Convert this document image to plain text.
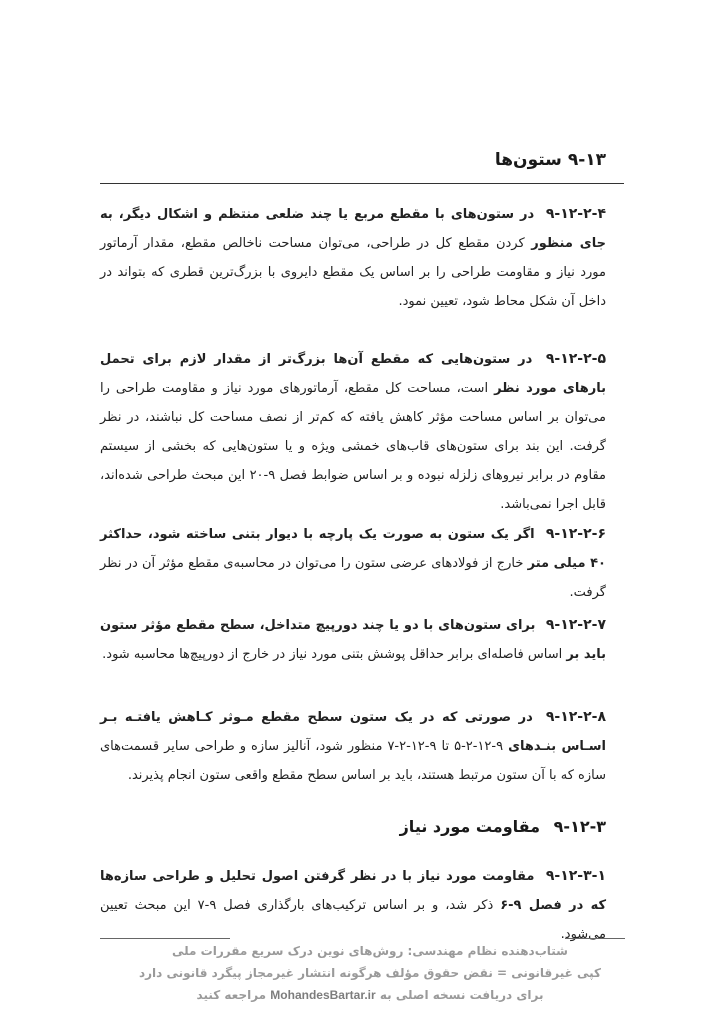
۹-۱۳ ستون‌ها
۹-۱۲-۲-۴ در ستون‌های با مقطع مربع یا چند ضلعی منتظم و اشکال دیگر، به جای منظور کردن مقطع کل در طراحی، می‌توان مساحت ناخالص مقطع، مقدار آرماتور مورد نیاز و مقاومت طراحی را بر اساس یک مقطع دایروی با بزرگ‌ترین قطری که بتواند در داخل آن شکل محاط شود، تعیین نمود.
۹-۱۲-۲-۵ در ستون‌هایی که مقطع آن‌ها بزرگ‌تر از مقدار لازم برای تحمل بارهای مورد نظر است، مساحت کل مقطع، آرماتورهای مورد نیاز و مقاومت طراحی را می‌توان بر اساس مساحت مؤثر کاهش یافته که کم‌تر از نصف مساحت کل نباشند، در نظر گرفت. این بند برای ستون‌های قاب‌های خمشی ویژه و یا ستون‌هایی که بخشی از سیستم مقاوم در برابر نیروهای زلزله نبوده و بر اساس ضوابط فصل ۹-۲۰ این مبحث طراحی شده‌اند، قابل اجرا نمی‌باشد.
۹-۱۲-۲-۶ اگر یک ستون به صورت یک پارچه با دیوار بتنی ساخته شود، حداکثر ۴۰ میلی متر خارج از فولادهای عرضی ستون را می‌توان در محاسبه‌ی مقطع مؤثر آن در نظر گرفت.
۹-۱۲-۲-۷ برای ستون‌های با دو یا چند دورپیچ متداخل، سطح مقطع مؤثر ستون باید بر اساس فاصله‌ای برابر حداقل پوشش بتنی مورد نیاز در خارج از دورپیچ‌ها محاسبه شود.
۹-۱۲-۲-۸ در صورتی که در یک ستون سطح مقطع مـوثر کـاهش یافتـه بـر اسـاس بنـدهای ۹-۱۲-۲-۵ تا ۹-۱۲-۲-۷ منظور شود، آنالیز سازه و طراحی سایر قسمت‌های سازه که با آن ستون مرتبط هستند، باید بر اساس سطح مقطع واقعی ستون انجام پذیرند.
۹-۱۲-۳ مقاومت مورد نیاز
۹-۱۲-۳-۱ مقاومت مورد نیاز با در نظر گرفتن اصول تحلیل و طراحی سازه‌ها که در فصل ۹-۶ ذکر شد، و بر اساس ترکیب‌های بارگذاری فصل ۹-۷ این مبحث تعیین می‌شود.
شتاب‌دهنده نظام مهندسی: روش‌های نوین درک سریع مقررات ملی
کپی غیرقانونی = نقض حقوق مؤلف هرگونه انتشار غیرمجاز پیگرد قانونی دارد
برای دریافت نسخه اصلی به MohandesBartar.ir مراجعه کنید
